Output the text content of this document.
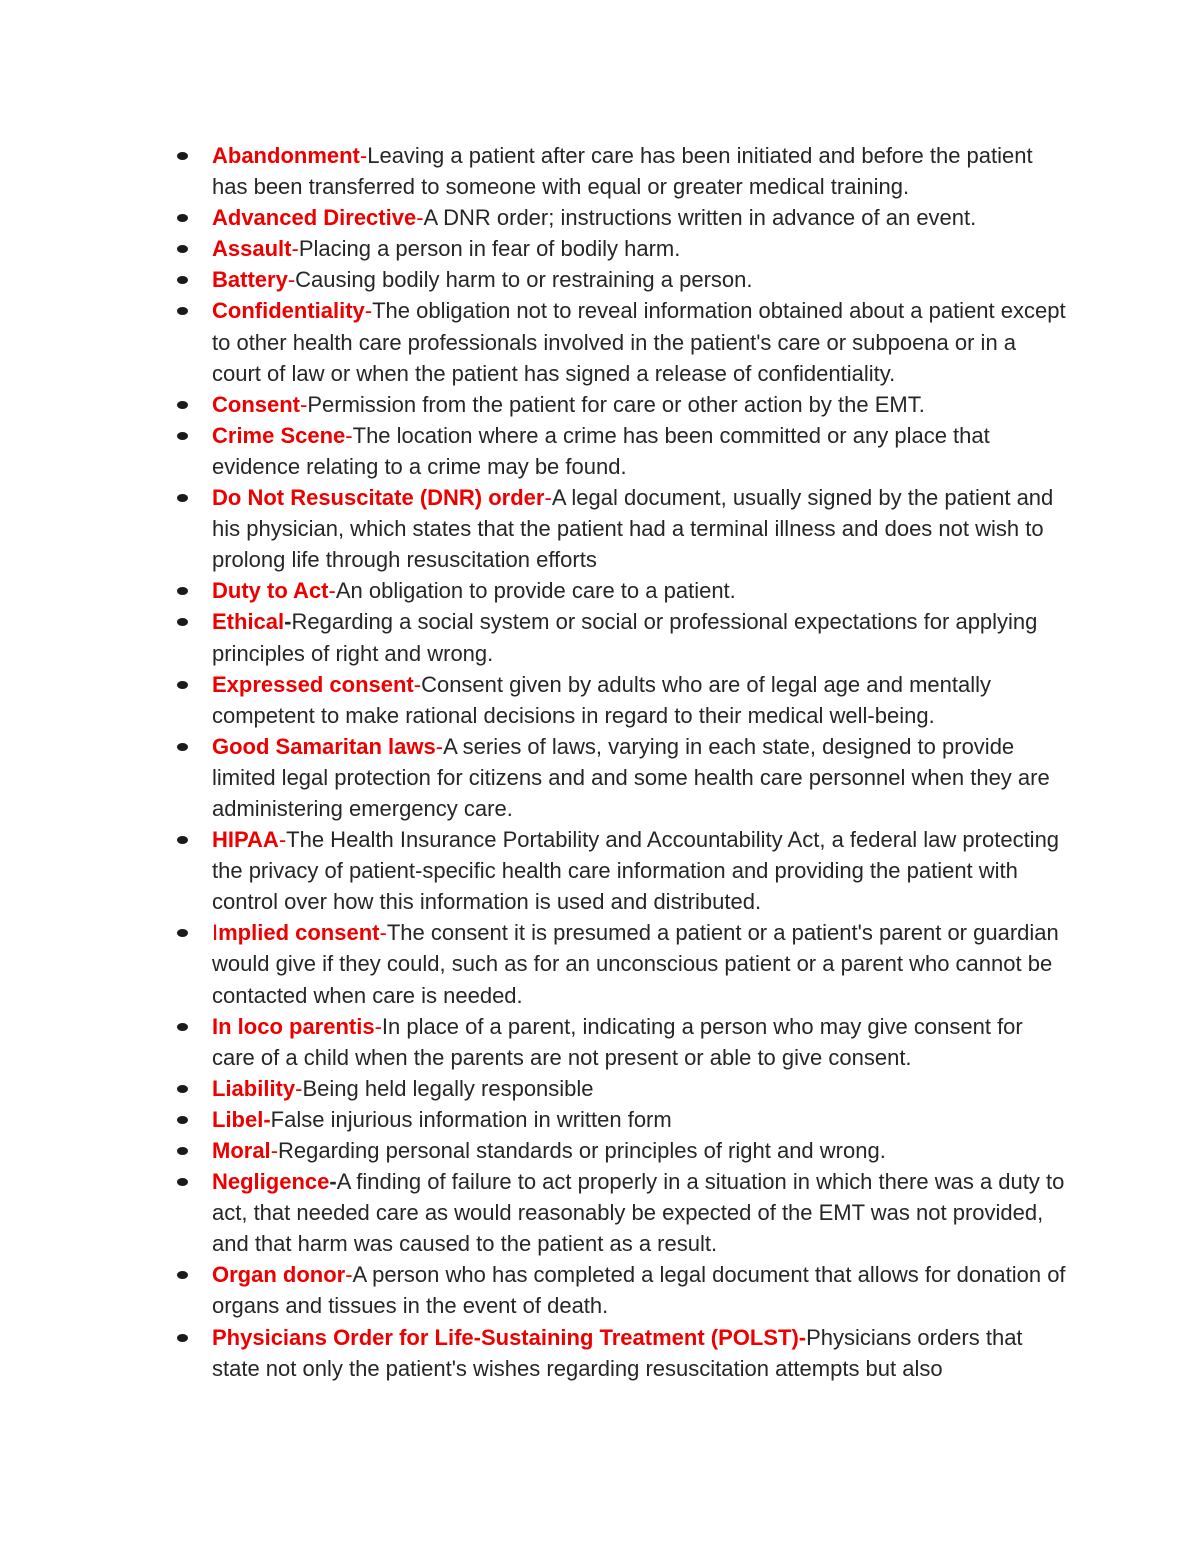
Abandonment-Leaving a patient after care has been initiated and before the patient has been transferred to someone with equal or greater medical training.
Advanced Directive-A DNR order; instructions written in advance of an event.
Assault-Placing a person in fear of bodily harm.
Battery-Causing bodily harm to or restraining a person.
Confidentiality-The obligation not to reveal information obtained about a patient except to other health care professionals involved in the patient's care or subpoena or in a court of law or when the patient has signed a release of confidentiality.
Consent-Permission from the patient for care or other action by the EMT.
Crime Scene-The location where a crime has been committed or any place that evidence relating to a crime may be found.
Do Not Resuscitate (DNR) order-A legal document, usually signed by the patient and his physician, which states that the patient had a terminal illness and does not wish to prolong life through resuscitation efforts
Duty to Act-An obligation to provide care to a patient.
Ethical-Regarding a social system or social or professional expectations for applying principles of right and wrong.
Expressed consent-Consent given by adults who are of legal age and mentally competent to make rational decisions in regard to their medical well-being.
Good Samaritan laws-A series of laws, varying in each state, designed to provide limited legal protection for citizens and and some health care personnel when they are administering emergency care.
HIPAA-The Health Insurance Portability and Accountability Act, a federal law protecting the privacy of patient-specific health care information and providing the patient with control over how this information is used and distributed.
Implied consent-The consent it is presumed a patient or a patient's parent or guardian would give if they could, such as for an unconscious patient or a parent who cannot be contacted when care is needed.
In loco parentis-In place of a parent, indicating a person who may give consent for care of a child when the parents are not present or able to give consent.
Liability-Being held legally responsible
Libel-False injurious information in written form
Moral-Regarding personal standards or principles of right and wrong.
Negligence-A finding of failure to act properly in a situation in which there was a duty to act, that needed care as would reasonably be expected of the EMT was not provided, and that harm was caused to the patient as a result.
Organ donor-A person who has completed a legal document that allows for donation of organs and tissues in the event of death.
Physicians Order for Life-Sustaining Treatment (POLST)-Physicians orders that state not only the patient's wishes regarding resuscitation attempts but also
